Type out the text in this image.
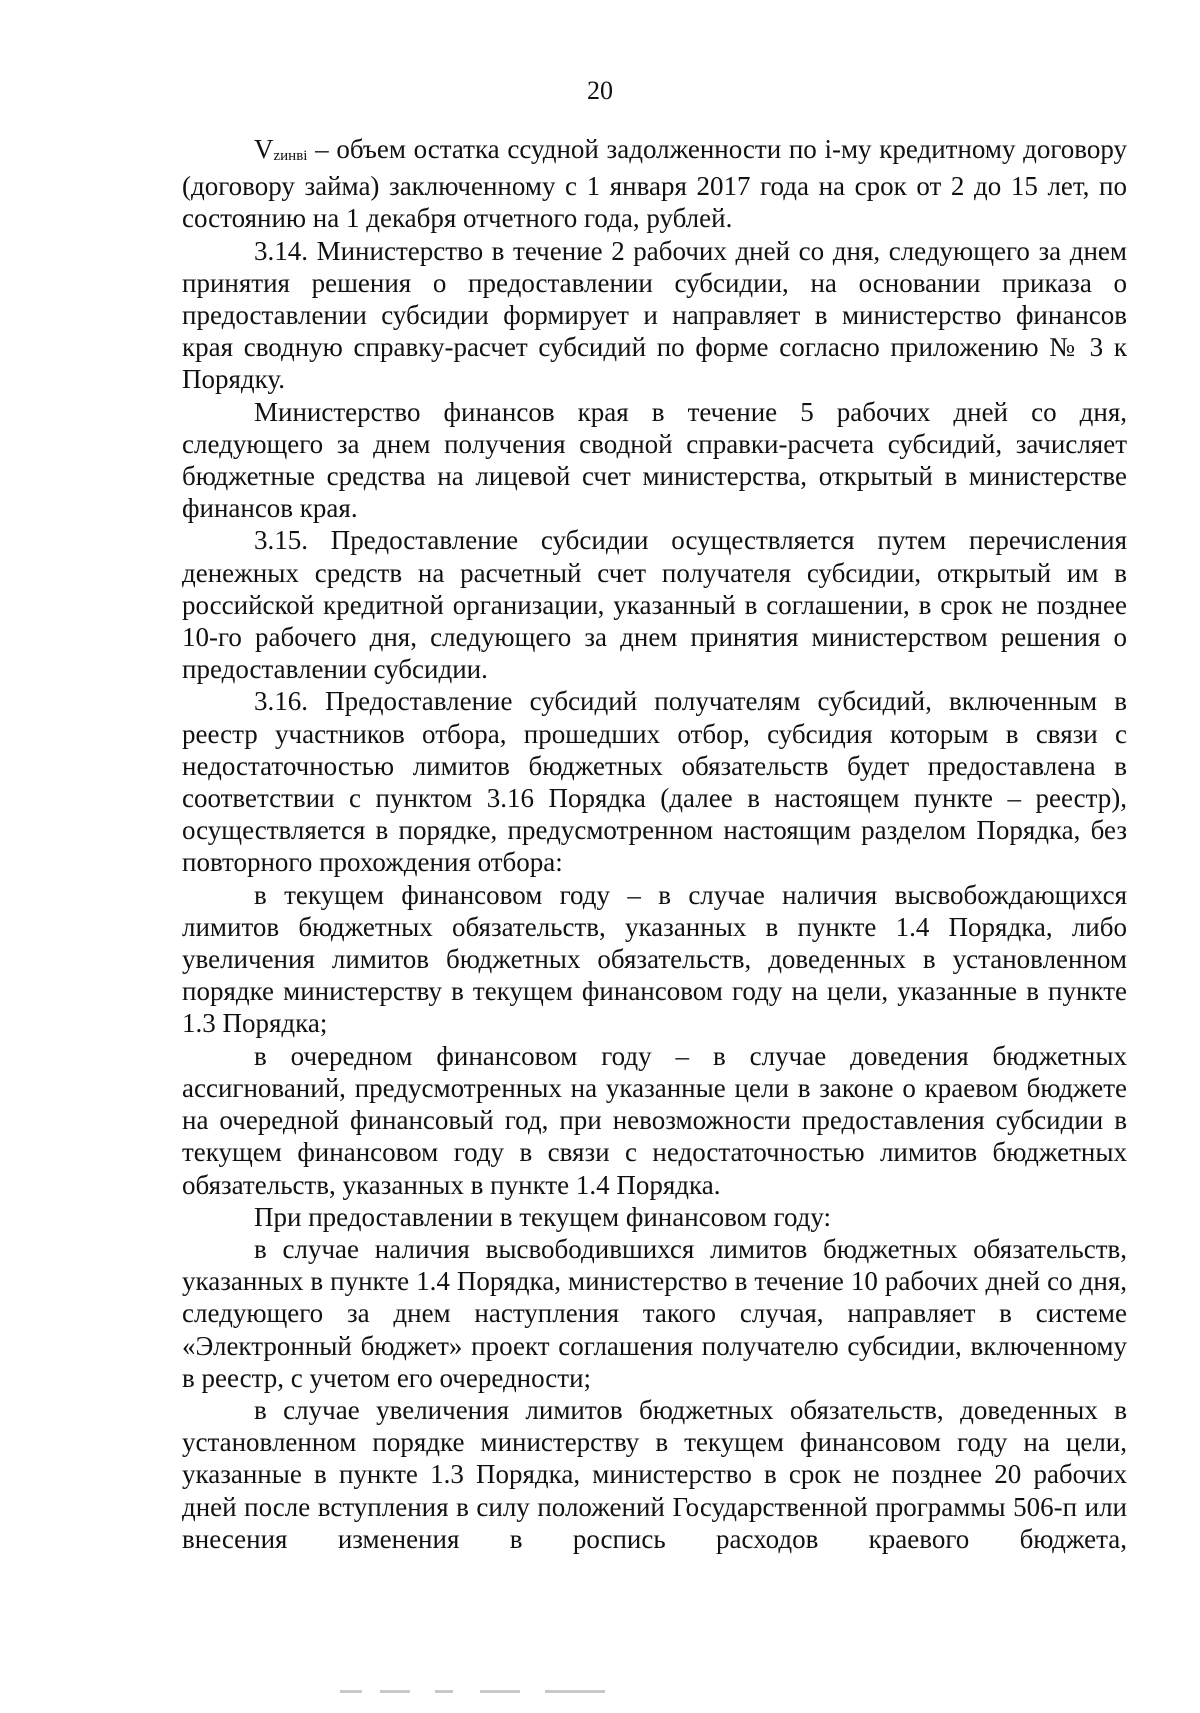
20

$V_{zинвi}$ – объем остатка ссудной задолженности по i-му кредитному договору (договору займа) заключенному с 1 января 2017 года на срок от 2 до 15 лет, по состоянию на 1 декабря отчетного года, рублей.

3.14. Министерство в течение 2 рабочих дней со дня, следующего за днем принятия решения о предоставлении субсидии, на основании приказа о предоставлении субсидии формирует и направляет в министерство финансов края сводную справку-расчет субсидий по форме согласно приложению № 3 к Порядку.

Министерство финансов края в течение 5 рабочих дней со дня, следующего за днем получения сводной справки-расчета субсидий, зачисляет бюджетные средства на лицевой счет министерства, открытый в министерстве финансов края.

3.15. Предоставление субсидии осуществляется путем перечисления денежных средств на расчетный счет получателя субсидии, открытый им в российской кредитной организации, указанный в соглашении, в срок не позднее 10-го рабочего дня, следующего за днем принятия министерством решения о предоставлении субсидии.

3.16. Предоставление субсидий получателям субсидий, включенным в реестр участников отбора, прошедших отбор, субсидия которым в связи с недостаточностью лимитов бюджетных обязательств будет предоставлена в соответствии с пунктом 3.16 Порядка (далее в настоящем пункте – реестр), осуществляется в порядке, предусмотренном настоящим разделом Порядка, без повторного прохождения отбора:

в текущем финансовом году – в случае наличия высвобождающихся лимитов бюджетных обязательств, указанных в пункте 1.4 Порядка, либо увеличения лимитов бюджетных обязательств, доведенных в установленном порядке министерству в текущем финансовом году на цели, указанные в пункте 1.3 Порядка;

в очередном финансовом году – в случае доведения бюджетных ассигнований, предусмотренных на указанные цели в законе о краевом бюджете на очередной финансовый год, при невозможности предоставления субсидии в текущем финансовом году в связи с недостаточностью лимитов бюджетных обязательств, указанных в пункте 1.4 Порядка.

При предоставлении в текущем финансовом году:

в случае наличия высвободившихся лимитов бюджетных обязательств, указанных в пункте 1.4 Порядка, министерство в течение 10 рабочих дней со дня, следующего за днем наступления такого случая, направляет в системе «Электронный бюджет» проект соглашения получателю субсидии, включенному в реестр, с учетом его очередности;

в случае увеличения лимитов бюджетных обязательств, доведенных в установленном порядке министерству в текущем финансовом году на цели, указанные в пункте 1.3 Порядка, министерство в срок не позднее 20 рабочих дней после вступления в силу положений Государственной программы 506-п или внесения изменения в роспись расходов краевого бюджета,
